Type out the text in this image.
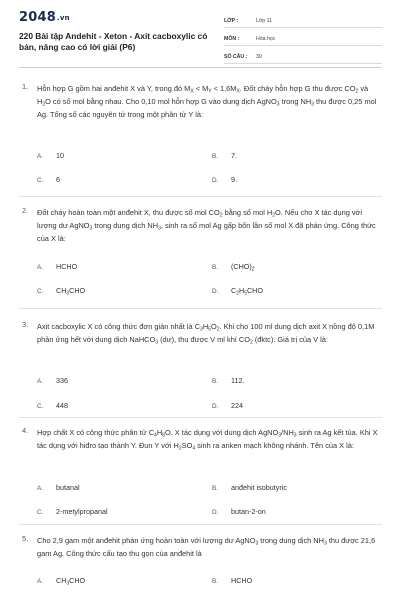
2048.vn
220 Bài tập Andehit - Xeton - Axit cacboxylic có bản, nâng cao có lời giải (P6)
LỚP :	Lớp 11
MÔN :	Hóa học
SỐ CÂU :	30
1. Hỗn hợp G gồm hai anđehit X và Y, trong đó $M_X < M_Y < 1,6M_X$. Đốt cháy hỗn hợp G thu được $CO_2$ và $H_2O$ có số mol bằng nhau. Cho 0,10 mol hỗn hợp G vào dung dịch AgNO$_3$ trong $NH_3$ thu được 0,25 mol Ag. Tổng số các nguyên tử trong một phân tử Y là:
A. 10	B. 7.
C. 6	D. 9.
2. Đốt cháy hoàn toàn một anđehit X, thu được số mol $CO_2$ bằng số mol $H_2O$. Nếu cho X tác dụng với lượng dư AgNO$_3$ trong dung dịch $NH_3$, sinh ra số mol Ag gấp bốn lần số mol X đã phản ứng. Công thức của X là:
A. HCHO	B. $(CHO)_2$
C. $CH_3CHO$	D. $C_2H_5CHO$
3. Axit cacboxylic X có công thức đơn giản nhất là $C_3H_5O_2$. Khi cho 100 ml dung dịch axit X nồng độ 0,1M phản ứng hết với dung dịch NaHCO$_3$ (dư), thu được V ml khí $CO_2$ (đktc). Giá trị của V là:
A. 336	B. 112.
C. 448	D. 224
4. Hợp chất X có công thức phân tử $C_4H_8O$. X tác dụng với dung dịch $AgNO_3/NH_3$ sinh ra Ag kết tủa. Khi X tác dụng với hiđro tạo thành Y. Đun Y với $H_2SO_4$ sinh ra anken mạch không nhánh. Tên của X là:
A. butanal	B. anđehit isobutyric
C. 2-metylpropanal	D. butan-2-on
5. Cho 2,9 gam một anđehit phản ứng hoàn toàn với lượng dư AgNO$_3$ trong dung dịch $NH_3$ thu được 21,6 gam Ag. Công thức cấu tạo thu gọn của anđehit là
A. $CH_3CHO$	B. HCHO
